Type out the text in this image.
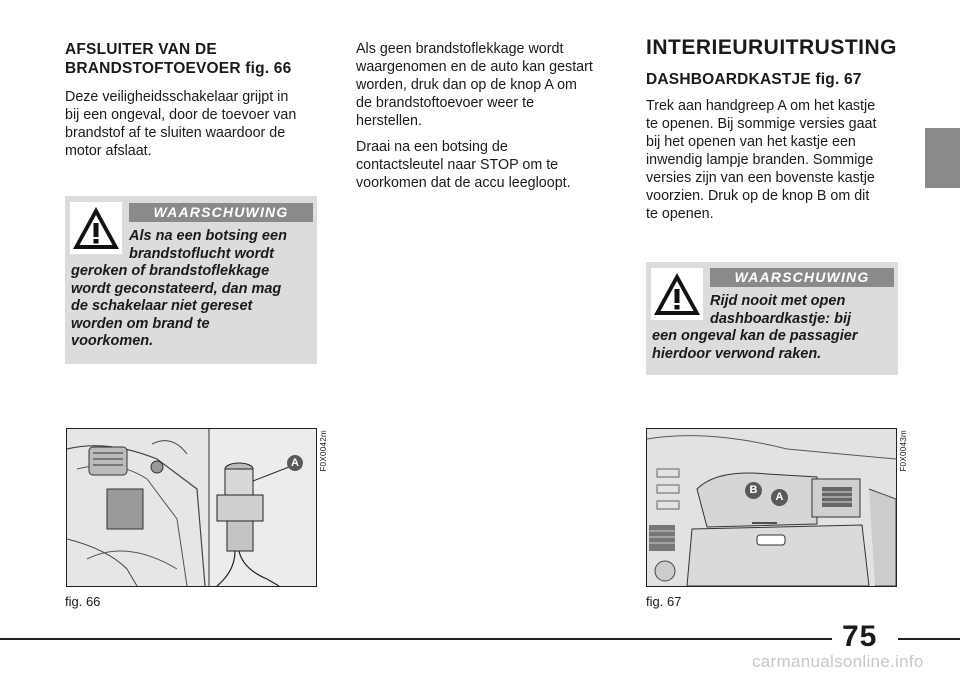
AFSLUITER VAN DE
BRANDSTOFTOEVOER fig. 66
Deze veiligheidsschakelaar grijpt in
bij een ongeval, door de toevoer van
brandstof af te sluiten waardoor de
motor afslaat.
WAARSCHUWING
Als na een botsing een
brandstoflucht wordt
geroken of brandstoflekkage
wordt geconstateerd, dan mag
de schakelaar niet gereset
worden om brand te
voorkomen.
A	F0X0042m
fig. 66
Als geen brandstoflekkage wordt
waargenomen en de auto kan gestart
worden, druk dan op de knop A om
de brandstoftoevoer weer te
herstellen.
Draai na een botsing de
contactsleutel naar STOP om te
voorkomen dat de accu leegloopt.
INTERIEURUITRUSTING
DASHBOARDKASTJE fig. 67
Trek aan handgreep A om het kastje
te openen. Bij sommige versies gaat
bij het openen van het kastje een
inwendig lampje branden. Sommige
versies zijn van een bovenste kastje
voorzien. Druk op de knop B om dit
te openen.
WAARSCHUWING
Rijd nooit met open
dashboardkastje: bij
een ongeval kan de passagier
hierdoor verwond raken.
B
A
F0X0043m
fig. 67
75
carmanualsonline.info
